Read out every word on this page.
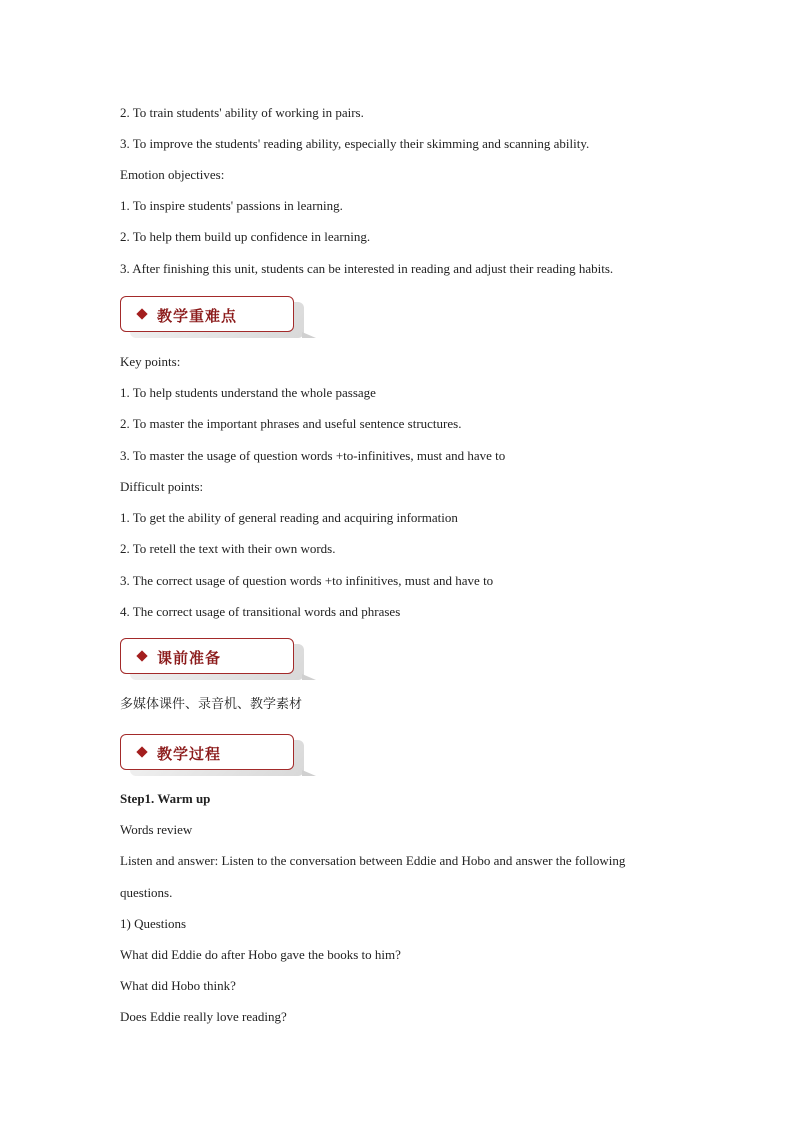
2. To train students' ability of working in pairs.
3. To improve the students' reading ability, especially their skimming and scanning ability.
Emotion objectives:
1. To inspire students' passions in learning.
2. To help them build up confidence in learning.
3. After finishing this unit, students can be interested in reading and adjust their reading habits.
教学重难点
Key points:
1. To help students understand the whole passage
2. To master the important phrases and useful sentence structures.
3. To master the usage of question words +to-infinitives, must and have to
Difficult points:
1. To get the ability of general reading and acquiring information
2. To retell the text with their own words.
3. The correct usage of question words +to infinitives, must and have to
4. The correct usage of transitional words and phrases
课前准备
多媒体课件、录音机、教学素材
教学过程
Step1. Warm up
Words review
Listen and answer: Listen to the conversation between Eddie and Hobo and answer the following
questions.
1) Questions
What did Eddie do after Hobo gave the books to him?
What did Hobo think?
Does Eddie really love reading?
